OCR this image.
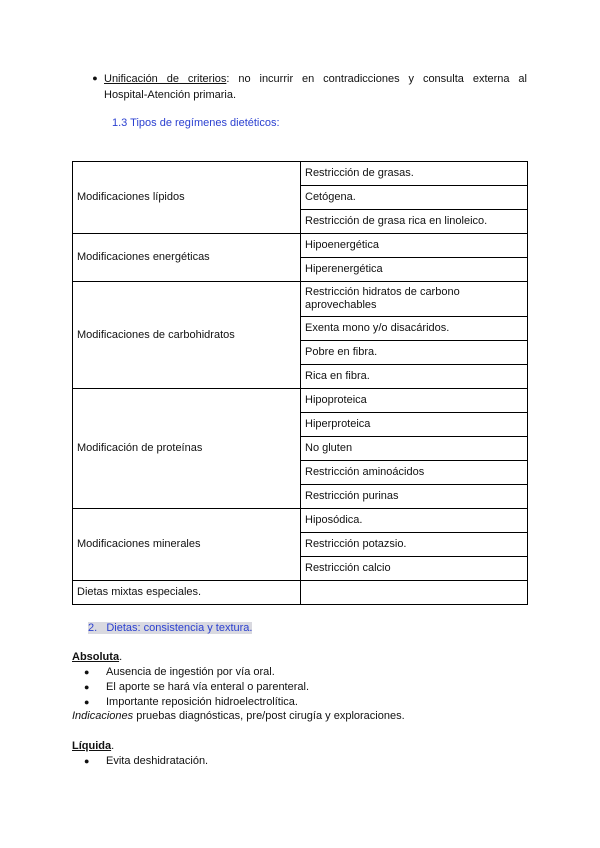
● Unificación de criterios: no incurrir en contradicciones y consulta externa al
Hospital-Atención primaria.
1.3 Tipos de regímenes dietéticos:
Modificaciones lípidos	Restricción de grasas.
	Cetógena.
	Restricción de grasa rica en linoleico.
Modificaciones energéticas	Hipoenergética
	Hiperenergética
Modificaciones de carbohidratos	Restricción hidratos de carbono aprovechables
	Exenta mono y/o disacáridos.
	Pobre en fibra.
	Rica en fibra.
Modificación de proteínas	Hipoproteica
	Hiperproteica
	No gluten
	Restricción aminoácidos
	Restricción purinas
Modificaciones minerales	Hiposódica.
	Restricción potazsio.
	Restricción calcio
Dietas mixtas especiales.	
2. Dietas: consistencia y textura.
Absoluta.
●	Ausencia de ingestión por vía oral.
●	El aporte se hará vía enteral o parenteral.
●	Importante reposición hidroelectrolítica.
Indicaciones pruebas diagnósticas, pre/post cirugía y exploraciones.
Líquida.
●	Evita deshidratación.
